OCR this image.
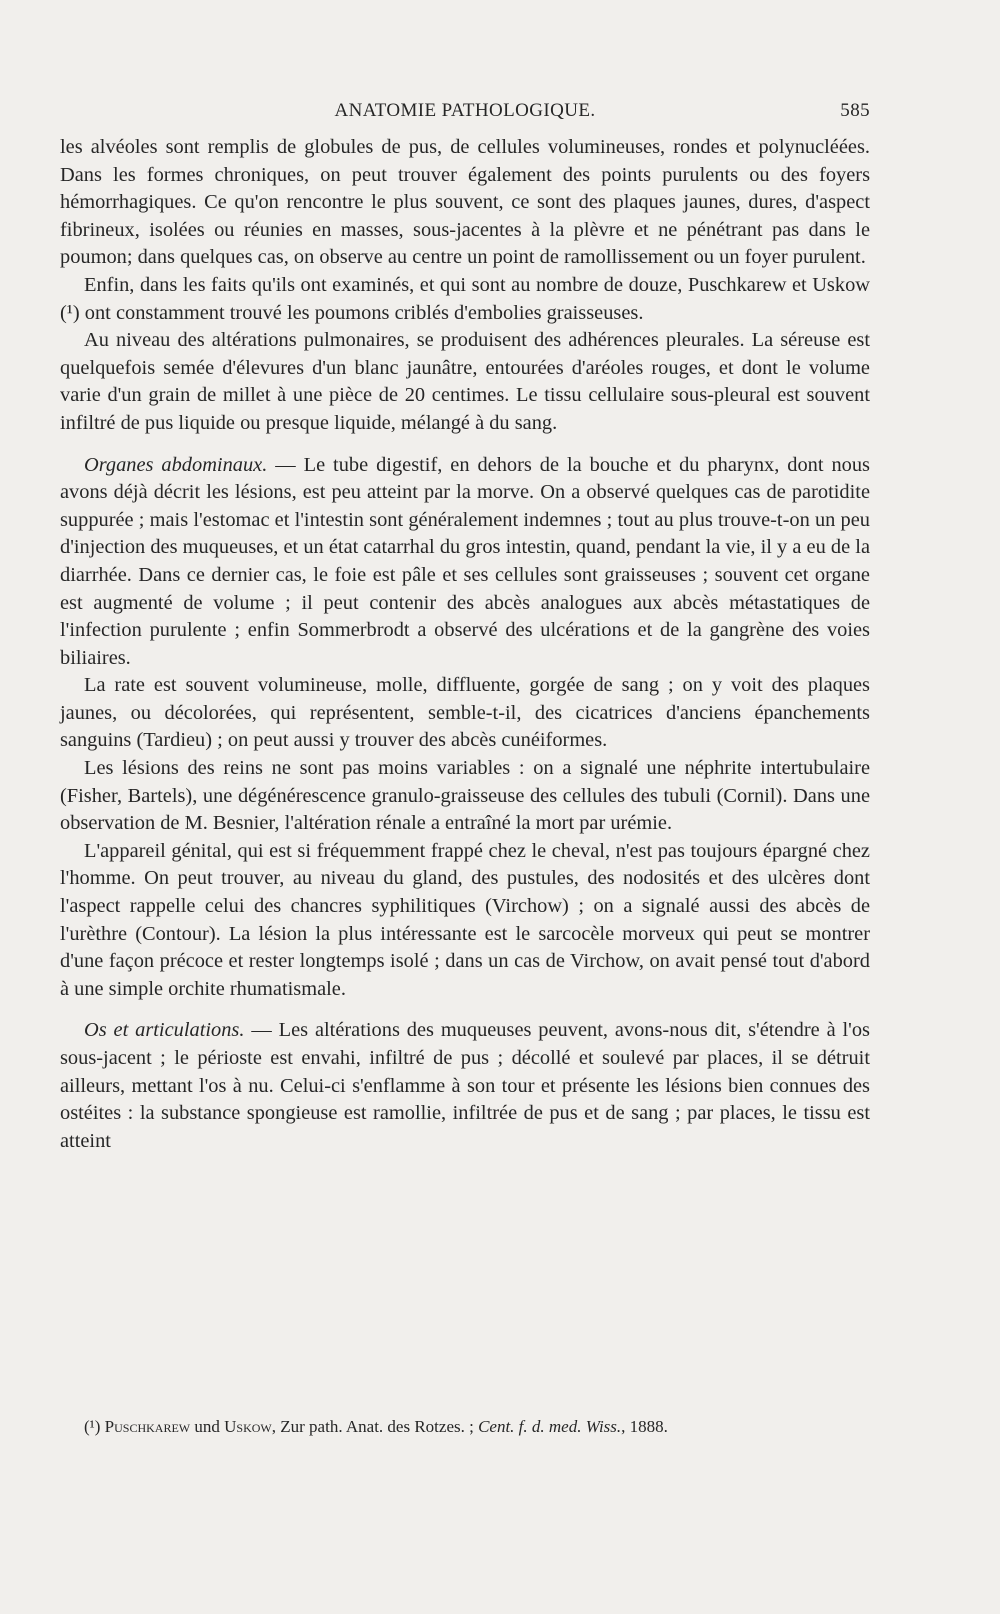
ANATOMIE PATHOLOGIQUE.	585

les alvéoles sont remplis de globules de pus, de cellules volumineuses, rondes et polynucléées. Dans les formes chroniques, on peut trouver également des points purulents ou des foyers hémorrhagiques. Ce qu'on rencontre le plus souvent, ce sont des plaques jaunes, dures, d'aspect fibrineux, isolées ou réunies en masses, sous-jacentes à la plèvre et ne pénétrant pas dans le poumon; dans quelques cas, on observe au centre un point de ramollissement ou un foyer purulent.

Enfin, dans les faits qu'ils ont examinés, et qui sont au nombre de douze, Puschkarew et Uskow (¹) ont constamment trouvé les poumons criblés d'embolies graisseuses.

Au niveau des altérations pulmonaires, se produisent des adhérences pleurales. La séreuse est quelquefois semée d'élevures d'un blanc jaunâtre, entourées d'aréoles rouges, et dont le volume varie d'un grain de millet à une pièce de 20 centimes. Le tissu cellulaire sous-pleural est souvent infiltré de pus liquide ou presque liquide, mélangé à du sang.

Organes abdominaux. — Le tube digestif, en dehors de la bouche et du pharynx, dont nous avons déjà décrit les lésions, est peu atteint par la morve. On a observé quelques cas de parotidite suppurée ; mais l'estomac et l'intestin sont généralement indemnes ; tout au plus trouve-t-on un peu d'injection des muqueuses, et un état catarrhal du gros intestin, quand, pendant la vie, il y a eu de la diarrhée. Dans ce dernier cas, le foie est pâle et ses cellules sont graisseuses ; souvent cet organe est augmenté de volume ; il peut contenir des abcès analogues aux abcès métastatiques de l'infection purulente ; enfin Sommerbrodt a observé des ulcérations et de la gangrène des voies biliaires.

La rate est souvent volumineuse, molle, diffluente, gorgée de sang ; on y voit des plaques jaunes, ou décolorées, qui représentent, semble-t-il, des cicatrices d'anciens épanchements sanguins (Tardieu) ; on peut aussi y trouver des abcès cunéiformes.

Les lésions des reins ne sont pas moins variables : on a signalé une néphrite intertubulaire (Fisher, Bartels), une dégénérescence granulo-graisseuse des cellules des tubuli (Cornil). Dans une observation de M. Besnier, l'altération rénale a entraîné la mort par urémie.

L'appareil génital, qui est si fréquemment frappé chez le cheval, n'est pas toujours épargné chez l'homme. On peut trouver, au niveau du gland, des pustules, des nodosités et des ulcères dont l'aspect rappelle celui des chancres syphilitiques (Virchow) ; on a signalé aussi des abcès de l'urèthre (Contour). La lésion la plus intéressante est le sarcocèle morveux qui peut se montrer d'une façon précoce et rester longtemps isolé ; dans un cas de Virchow, on avait pensé tout d'abord à une simple orchite rhumatismale.

Os et articulations. — Les altérations des muqueuses peuvent, avons-nous dit, s'étendre à l'os sous-jacent ; le périoste est envahi, infiltré de pus ; décollé et soulevé par places, il se détruit ailleurs, mettant l'os à nu. Celui-ci s'enflamme à son tour et présente les lésions bien connues des ostéites : la substance spongieuse est ramollie, infiltrée de pus et de sang ; par places, le tissu est atteint

(¹) Puschkarew und Uskow, Zur path. Anat. des Rotzes. ; Cent. f. d. med. Wiss., 1888.
